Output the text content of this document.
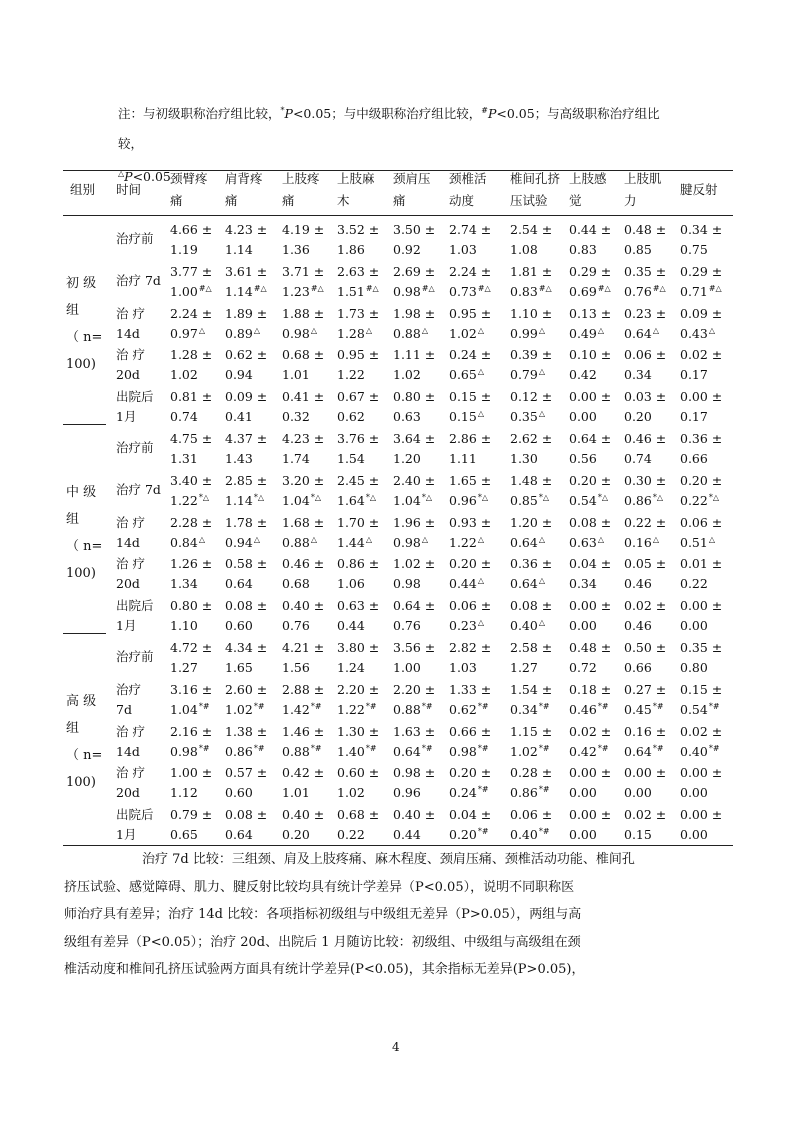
注：与初级职称治疗组比较，*P<0.05；与中级职称治疗组比较，#P<0.05；与高级职称治疗组比较，
△P<0.05
组别 时间
颈臂疼
痛
肩背疼
痛
上肢疼
痛
上肢麻
木
颈肩压
痛
颈椎活
动度
椎间孔挤
压试验
上肢感
觉
上肢肌
力
腱反射
初 级
组
（ n=
100)
治疗前
4.66 ±
1.19
4.23 ±
1.14
4.19 ±
1.36
3.52 ±
1.86
3.50 ±
0.92
2.74 ±
1.03
2.54 ±
1.08
0.44 ±
0.83
0.48 ±
0.85
0.34 ±
0.75
治疗 7d
3.77 ±
1.00#△
3.61 ±
1.14#△
3.71 ±
1.23#△
2.63 ±
1.51#△
2.69 ±
0.98#△
2.24 ±
0.73#△
1.81 ±
0.83#△
0.29 ±
0.69#△
0.35 ±
0.76#△
0.29 ±
0.71#△
治 疗
14d
2.24 ±
0.97△
1.89 ±
0.89△
1.88 ±
0.98△
1.73 ±
1.28△
1.98 ±
0.88△
0.95 ±
1.02△
1.10 ±
0.99△
0.13 ±
0.49△
0.23 ±
0.64△
0.09 ±
0.43△
治 疗
20d
1.28 ±
1.02
0.62 ±
0.94
0.68 ±
1.01
0.95 ±
1.22
1.11 ±
1.02
0.24 ±
0.65△
0.39 ±
0.79△
0.10 ±
0.42
0.06 ±
0.34
0.02 ±
0.17
出院后
1月
0.81 ±
0.74
0.09 ±
0.41
0.41 ±
0.32
0.67 ±
0.62
0.80 ±
0.63
0.15 ±
0.15△
0.12 ±
0.35△
0.00 ±
0.00
0.03 ±
0.20
0.00 ±
0.17
中 级
组
（ n=
100)
治疗前
4.75 ±
1.31
4.37 ±
1.43
4.23 ±
1.74
3.76 ±
1.54
3.64 ±
1.20
2.86 ±
1.11
2.62 ±
1.30
0.64 ±
0.56
0.46 ±
0.74
0.36 ±
0.66
治疗 7d
3.40 ±
1.22*△
2.85 ±
1.14*△
3.20 ±
1.04*△
2.45 ±
1.64*△
2.40 ±
1.04*△
1.65 ±
0.96*△
1.48 ±
0.85*△
0.20 ±
0.54*△
0.30 ±
0.86*△
0.20 ±
0.22*△
治 疗
14d
2.28 ±
0.84△
1.78 ±
0.94△
1.68 ±
0.88△
1.70 ±
1.44△
1.96 ±
0.98△
0.93 ±
1.22△
1.20 ±
0.64△
0.08 ±
0.63△
0.22 ±
0.16△
0.06 ±
0.51△
治 疗
20d
1.26 ±
1.34
0.58 ±
0.64
0.46 ±
0.68
0.86 ±
1.06
1.02 ±
0.98
0.20 ±
0.44△
0.36 ±
0.64△
0.04 ±
0.34
0.05 ±
0.46
0.01 ±
0.22
出院后
1月
0.80 ±
1.10
0.08 ±
0.60
0.40 ±
0.76
0.63 ±
0.44
0.64 ±
0.76
0.06 ±
0.23△
0.08 ±
0.40△
0.00 ±
0.00
0.02 ±
0.46
0.00 ±
0.00
高 级
组
（ n=
100)
治疗前
4.72 ±
1.27
4.34 ±
1.65
4.21 ±
1.56
3.80 ±
1.24
3.56 ±
1.00
2.82 ±
1.03
2.58 ±
1.27
0.48 ±
0.72
0.50 ±
0.66
0.35 ±
0.80
治疗
7d
3.16 ±
1.04*#
2.60 ±
1.02*#
2.88 ±
1.42*#
2.20 ±
1.22*#
2.20 ±
0.88*#
1.33 ±
0.62*#
1.54 ±
0.34*#
0.18 ±
0.46*#
0.27 ±
0.45*#
0.15 ±
0.54*#
治 疗
14d
2.16 ±
0.98*#
1.38 ±
0.86*#
1.46 ±
0.88*#
1.30 ±
1.40*#
1.63 ±
0.64*#
0.66 ±
0.98*#
1.15 ±
1.02*#
0.02 ±
0.42*#
0.16 ±
0.64*#
0.02 ±
0.40*#
治 疗
20d
1.00 ±
1.12
0.57 ±
0.60
0.42 ±
1.01
0.60 ±
1.02
0.98 ±
0.96
0.20 ±
0.24*#
0.28 ±
0.86*#
0.00 ±
0.00
0.00 ±
0.00
0.00 ±
0.00
出院后
1月
0.79 ±
0.65
0.08 ±
0.64
0.40 ±
0.20
0.68 ±
0.22
0.40 ±
0.44
0.04 ±
0.20*#
0.06 ±
0.40*#
0.00 ±
0.00
0.02 ±
0.15
0.00 ±
0.00

治疗 7d 比较：三组颈、肩及上肢疼痛、麻木程度、颈肩压痛、颈椎活动功能、椎间孔

挤压试验、感觉障碍、肌力、腱反射比较均具有统计学差异（P<0.05），说明不同职称医

师治疗具有差异；治疗 14d 比较：各项指标初级组与中级组无差异（P>0.05），两组与高

级组有差异（P<0.05）；治疗 20d、出院后 1 月随访比较：初级组、中级组与高级组在颈

椎活动度和椎间孔挤压试验两方面具有统计学差异(P<0.05)，其余指标无差异(P>0.05)，

4
